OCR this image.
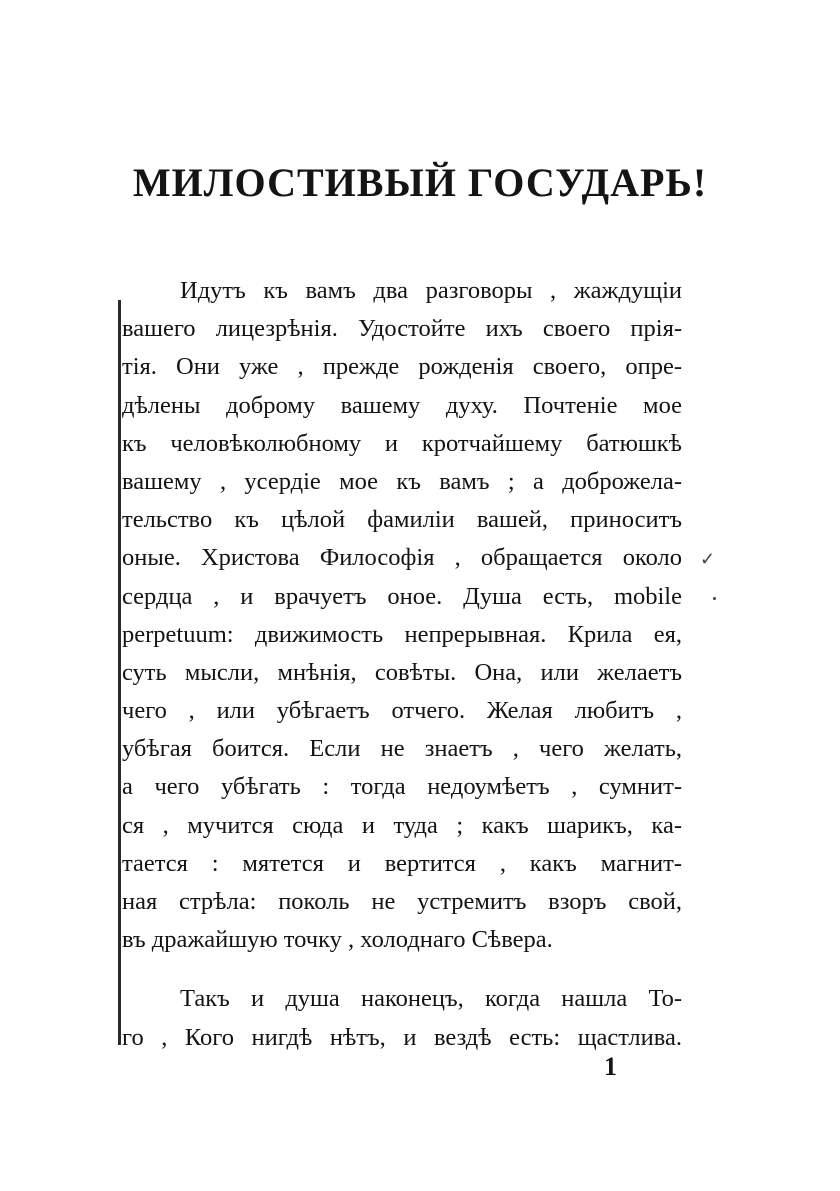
МИЛОСТИВЫЙ ГОСУДАРЬ!
✓
Идутъ къ вамъ два разговоры , жаждущіи
вашего лицезрѣнія. Удостойте ихъ своего прія-
тія. Они уже , прежде рожденія своего, опре-
дѣлены доброму вашему духу. Почтеніе мое
къ человѣколюбному и кротчайшему батюшкѣ
вашему , усердіе мое къ вамъ ; а доброжела-
тельство къ цѣлой фамиліи вашей, приноситъ
оные. Христова Философія , обращается около
сердца , и врачуетъ оное. Душа есть, mobile
perpetuum: движимость непрерывная. Крила ея,
суть мысли, мнѣнія, совѣты. Она, или желаетъ
чего , или убѣгаетъ отчего. Желая любитъ ,
убѣгая боится. Если не знаетъ , чего желать,
а чего убѣгать : тогда недоумѣетъ , сумнит-
ся , мучится сюда и туда ; какъ шарикъ, ка-
тается : мятется и вертится , какъ магнит-
ная стрѣла: поколь не устремитъ взоръ свой,
въ дражайшую точку , холоднаго Сѣвера.
Такъ и душа наконецъ, когда нашла То-
го , Кого нигдѣ нѣтъ, и вездѣ есть: щастлива.
1
